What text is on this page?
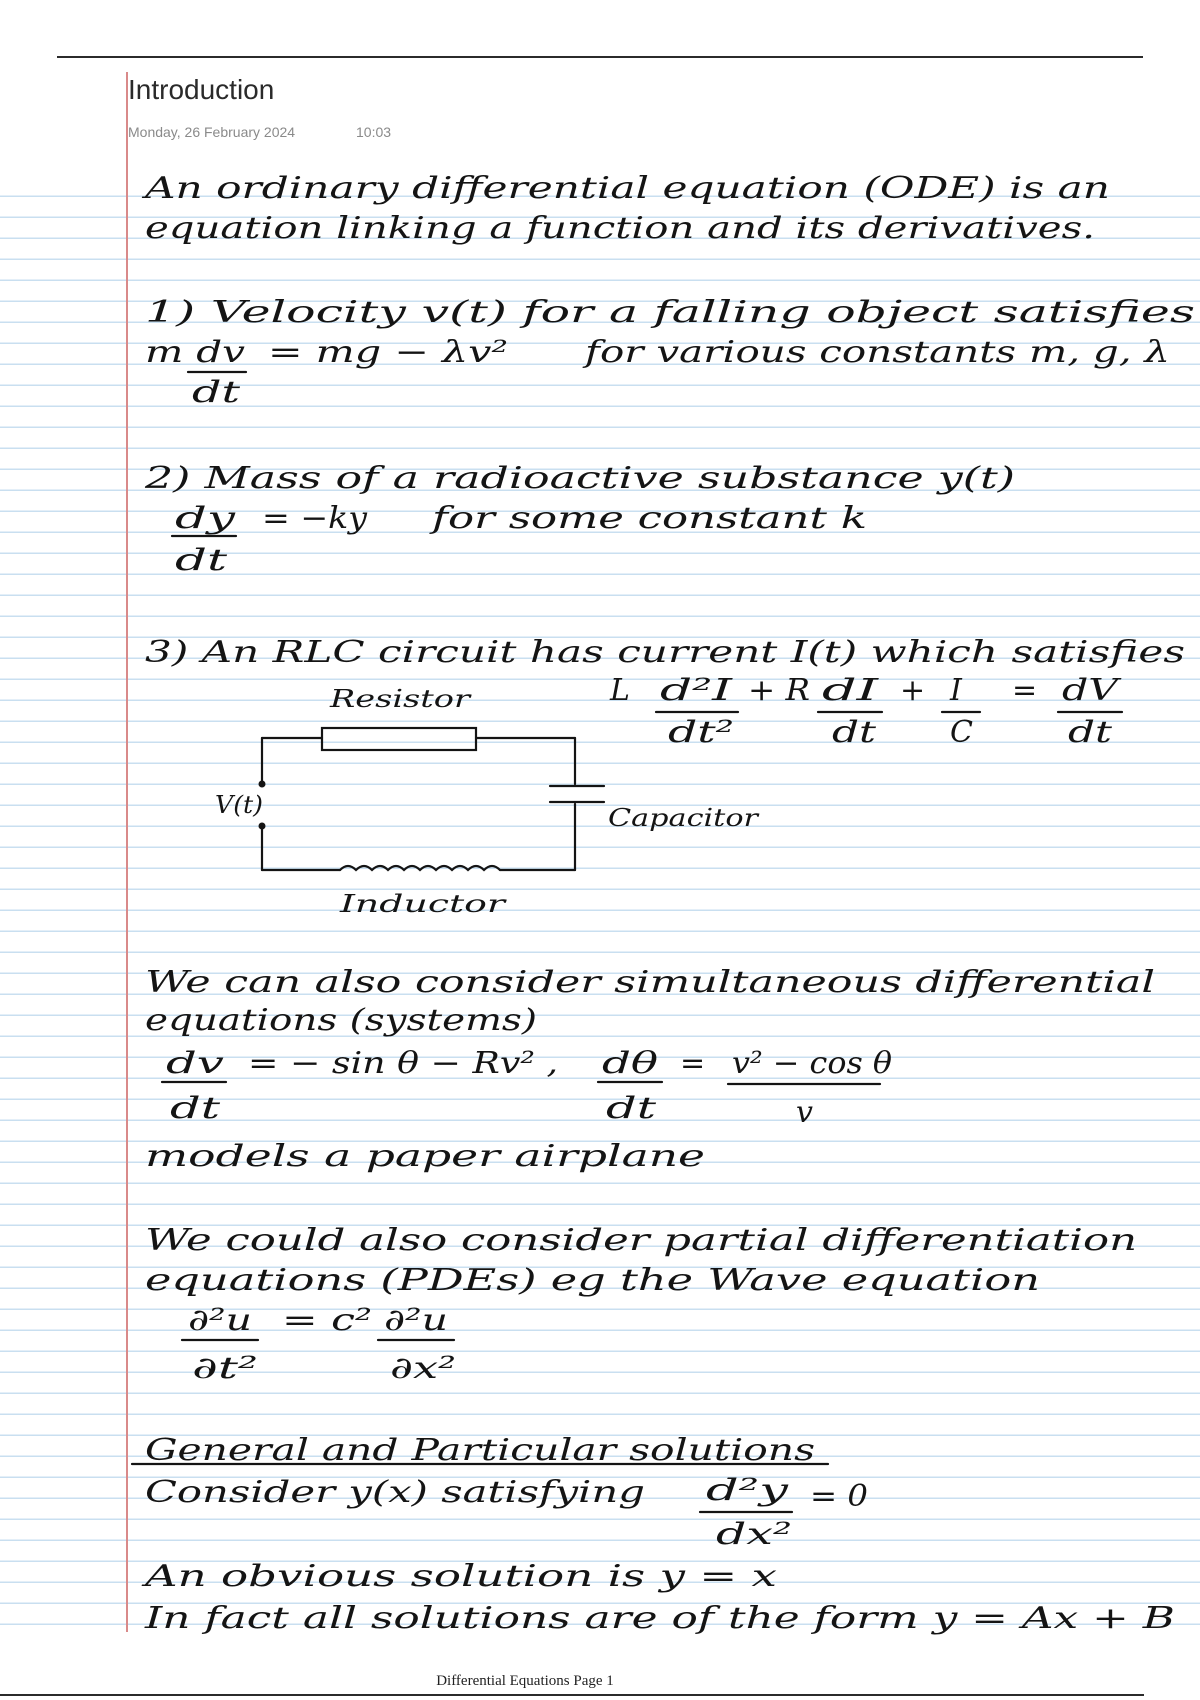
Introduction
Monday, 26 February 2024	10:03
An ordinary differential equation (ODE) is an
equation linking a function and its derivatives.
1) Velocity v(t) for a falling object satisfies
m dv = mg − λv² for various constants m, g, λ
dt
2) Mass of a radioactive substance y(t)
dy = −ky for some constant k
dt
3) An RLC circuit has current I(t) which satisfies
L d²I
dt²
+ R dI
dt
+ I
C
= dV
dt
Resistor
Capacitor
V(t)
Inductor
We can also consider simultaneous differential
equations (systems)
dv = − sin θ − Rv² ,
dt
dθ
dt
= v² − cos θ
v
models a paper airplane
We could also consider partial differentiation
equations (PDEs) eg the Wave equation
∂²u
∂t²
= c² ∂²u
∂x²
General and Particular solutions
Consider y(x) satisfying d²y = 0
dx²
An obvious solution is y = x
In fact all solutions are of the form y = Ax + B
Differential Equations Page 1
